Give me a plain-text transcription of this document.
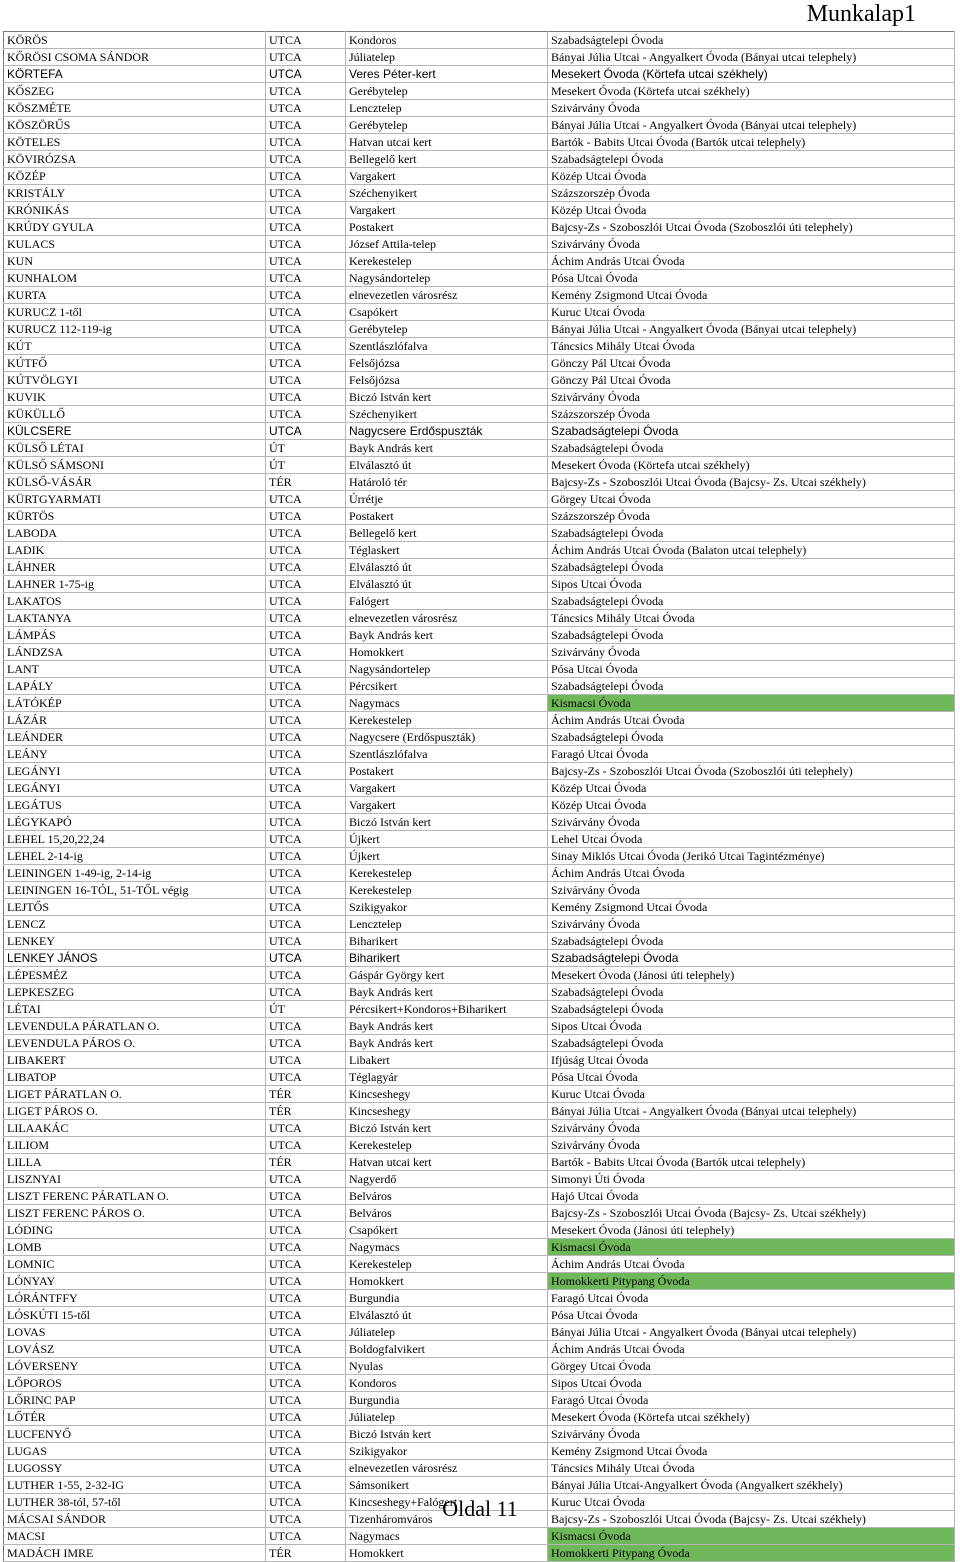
Munkalap1
KÖRÖS	UTCA	Kondoros	Szabadságtelepi Óvoda
KŐRÖSI CSOMA SÁNDOR	UTCA	Júliatelep	Bányai Júlia Utcai - Angyalkert Óvoda (Bányai utcai telephely)
KÖRTEFA	UTCA	Veres Péter-kert	Mesekert Óvoda (Körtefa utcai székhely)
KŐSZEG	UTCA	Gerébytelep	Mesekert Óvoda (Körtefa utcai székhely)
KÖSZMÉTE	UTCA	Lencztelep	Szivárvány Óvoda
KÖSZÖRŰS	UTCA	Gerébytelep	Bányai Júlia Utcai - Angyalkert Óvoda (Bányai utcai telephely)
KÖTELES	UTCA	Hatvan utcai kert	Bartók - Babits Utcai Óvoda (Bartók utcai telephely)
KÖVIRÓZSA	UTCA	Bellegelő kert	Szabadságtelepi Óvoda
KÖZÉP	UTCA	Vargakert	Közép Utcai Óvoda
KRISTÁLY	UTCA	Széchenyikert	Százszorszép Óvoda
KRÓNIKÁS	UTCA	Vargakert	Közép Utcai Óvoda
KRÚDY GYULA	UTCA	Postakert	Bajcsy-Zs - Szoboszlói Utcai Óvoda (Szoboszlói úti telephely)
KULACS	UTCA	József Attila-telep	Szivárvány Óvoda
KUN	UTCA	Kerekestelep	Áchim András Utcai Óvoda
KUNHALOM	UTCA	Nagysándortelep	Pósa Utcai Óvoda
KURTA	UTCA	elnevezetlen városrész	Kemény Zsigmond Utcai Óvoda
KURUCZ 1-től	UTCA	Csapókert	Kuruc Utcai Óvoda
KURUCZ 112-119-ig	UTCA	Gerébytelep	Bányai Júlia Utcai - Angyalkert Óvoda (Bányai utcai telephely)
KÚT	UTCA	Szentlászlófalva	Táncsics Mihály Utcai Óvoda
KÚTFŐ	UTCA	Felsőjózsa	Gönczy Pál Utcai Óvoda
KÚTVÖLGYI	UTCA	Felsőjózsa	Gönczy Pál Utcai Óvoda
KUVIK	UTCA	Biczó István kert	Szivárvány Óvoda
KÜKÜLLŐ	UTCA	Széchenyikert	Százszorszép Óvoda
KÜLCSERE	UTCA	Nagycsere Erdőspuszták	Szabadságtelepi Óvoda
KÜLSŐ LÉTAI	ÚT	Bayk András kert	Szabadságtelepi Óvoda
KÜLSŐ SÁMSONI	ÚT	Elválasztó út	Mesekert Óvoda (Körtefa utcai székhely)
KÜLSŐ-VÁSÁR	TÉR	Határoló tér	Bajcsy-Zs - Szoboszlói Utcai Óvoda (Bajcsy- Zs. Utcai székhely)
KÜRTGYARMATI	UTCA	Úrrétje	Görgey Utcai Óvoda
KÜRTÖS	UTCA	Postakert	Százszorszép Óvoda
LABODA	UTCA	Bellegelő kert	Szabadságtelepi Óvoda
LADIK	UTCA	Téglaskert	Áchim András Utcai Óvoda (Balaton utcai telephely)
LÁHNER	UTCA	Elválasztó út	Szabadságtelepi Óvoda
LAHNER 1-75-ig	UTCA	Elválasztó út	Sipos Utcai Óvoda
LAKATOS	UTCA	Falógert	Szabadságtelepi Óvoda
LAKTANYA	UTCA	elnevezetlen városrész	Táncsics Mihály Utcai Óvoda
LÁMPÁS	UTCA	Bayk András kert	Szabadságtelepi Óvoda
LÁNDZSA	UTCA	Homokkert	Szivárvány Óvoda
LANT	UTCA	Nagysándortelep	Pósa Utcai Óvoda
LAPÁLY	UTCA	Pércsikert	Szabadságtelepi Óvoda
LÁTÓKÉP	UTCA	Nagymacs	Kismacsi Óvoda
LÁZÁR	UTCA	Kerekestelep	Áchim András Utcai Óvoda
LEÁNDER	UTCA	Nagycsere (Erdőspuszták)	Szabadságtelepi Óvoda
LEÁNY	UTCA	Szentlászlófalva	Faragó Utcai Óvoda
LEGÁNYI	UTCA	Postakert	Bajcsy-Zs - Szoboszlói Utcai Óvoda (Szoboszlói úti telephely)
LEGÁNYI	UTCA	Vargakert	Közép Utcai Óvoda
LEGÁTUS	UTCA	Vargakert	Közép Utcai Óvoda
LÉGYKAPÓ	UTCA	Biczó István kert	Szivárvány Óvoda
LEHEL 15,20,22,24	UTCA	Újkert	Lehel Utcai Óvoda
LEHEL 2-14-ig	UTCA	Újkert	Sinay Miklós Utcai Óvoda (Jerikó Utcai Tagintézménye)
LEININGEN 1-49-ig, 2-14-ig	UTCA	Kerekestelep	Áchim András Utcai Óvoda
LEININGEN 16-TÓL, 51-TŐL végig	UTCA	Kerekestelep	Szivárvány Óvoda
LEJTŐS	UTCA	Szikigyakor	Kemény Zsigmond Utcai Óvoda
LENCZ	UTCA	Lencztelep	Szivárvány Óvoda
LENKEY	UTCA	Biharikert	Szabadságtelepi Óvoda
LENKEY JÁNOS	UTCA	Biharikert	Szabadságtelepi Óvoda
LÉPESMÉZ	UTCA	Gáspár György kert	Mesekert Óvoda (Jánosi úti telephely)
LEPKESZEG	UTCA	Bayk András kert	Szabadságtelepi Óvoda
LÉTAI	ÚT	Pércsikert+Kondoros+Biharikert	Szabadságtelepi Óvoda
LEVENDULA PÁRATLAN O.	UTCA	Bayk András kert	Sipos Utcai Óvoda
LEVENDULA PÁROS O.	UTCA	Bayk András kert	Szabadságtelepi Óvoda
LIBAKERT	UTCA	Libakert	Ifjúság Utcai Óvoda
LIBATOP	UTCA	Téglagyár	Pósa Utcai Óvoda
LIGET PÁRATLAN O.	TÉR	Kincseshegy	Kuruc Utcai Óvoda
LIGET PÁROS O.	TÉR	Kincseshegy	Bányai Júlia Utcai - Angyalkert Óvoda (Bányai utcai telephely)
LILAAKÁC	UTCA	Biczó István kert	Szivárvány Óvoda
LILIOM	UTCA	Kerekestelep	Szivárvány Óvoda
LILLA	TÉR	Hatvan utcai kert	Bartók - Babits Utcai Óvoda (Bartók utcai telephely)
LISZNYAI	UTCA	Nagyerdő	Simonyi Úti Óvoda
LISZT FERENC PÁRATLAN O.	UTCA	Belváros	Hajó Utcai Óvoda
LISZT FERENC PÁROS O.	UTCA	Belváros	Bajcsy-Zs - Szoboszlói Utcai Óvoda (Bajcsy- Zs. Utcai székhely)
LÓDING	UTCA	Csapókert	Mesekert Óvoda (Jánosi úti telephely)
LOMB	UTCA	Nagymacs	Kismacsi Óvoda
LOMNIC	UTCA	Kerekestelep	Áchim András Utcai Óvoda
LÓNYAY	UTCA	Homokkert	Homokkerti Pitypang Óvoda
LÓRÁNTFFY	UTCA	Burgundia	Faragó Utcai Óvoda
LÓSKÚTI 15-től	UTCA	Elválasztó út	Pósa Utcai Óvoda
LOVAS	UTCA	Júliatelep	Bányai Júlia Utcai - Angyalkert Óvoda (Bányai utcai telephely)
LOVÁSZ	UTCA	Boldogfalvikert	Áchim András Utcai Óvoda
LÓVERSENY	UTCA	Nyulas	Görgey Utcai Óvoda
LŐPOROS	UTCA	Kondoros	Sipos Utcai Óvoda
LŐRINC PAP	UTCA	Burgundia	Faragó Utcai Óvoda
LŐTÉR	UTCA	Júliatelep	Mesekert Óvoda (Körtefa utcai székhely)
LUCFENYŐ	UTCA	Biczó István kert	Szivárvány Óvoda
LUGAS	UTCA	Szikigyakor	Kemény Zsigmond Utcai Óvoda
LUGOSSY	UTCA	elnevezetlen városrész	Táncsics Mihály Utcai Óvoda
LUTHER 1-55, 2-32-IG	UTCA	Sámsonikert	Bányai Júlia Utcai-Angyalkert Óvoda (Angyalkert székhely)
LUTHER 38-tól, 57-től	UTCA	Kincseshegy+Falógert	Kuruc Utcai Óvoda
MÁCSAI SÁNDOR	UTCA	Tizenháromváros	Bajcsy-Zs - Szoboszlói Utcai Óvoda (Bajcsy- Zs. Utcai székhely)
MACSI	UTCA	Nagymacs	Kismacsi Óvoda
MADÁCH IMRE	TÉR	Homokkert	Homokkerti Pitypang Óvoda
Oldal 11
